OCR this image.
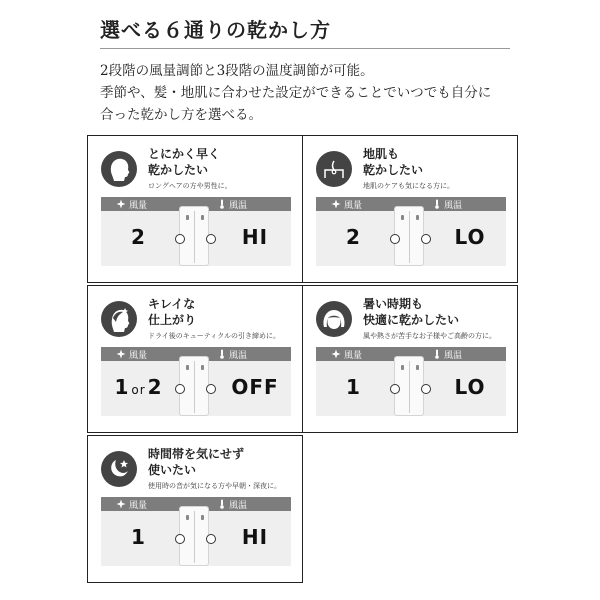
選べる６通りの乾かし方
2段階の風量調節と3段階の温度調節が可能。
季節や、髪・地肌に合わせた設定ができることでいつでも自分に
合った乾かし方を選べる。
とにかく早く
乾かしたい
ロングヘアの方や男性に。
風量	風温
2	HI
地肌も
乾かしたい
地肌のケアも気になる方に。
風量	風温
2	LO
キレイな
仕上がり
ドライ後のキューティクルの引き締めに。
風量	風温
1 or 2	OFF
暑い時期も
快適に乾かしたい
風や熱さが苦手なお子様やご高齢の方に。
風量	風温
1	LO
時間帯を気にせず
使いたい
使用時の音が気になる方や早朝・深夜に。
風量	風温
1	HI
